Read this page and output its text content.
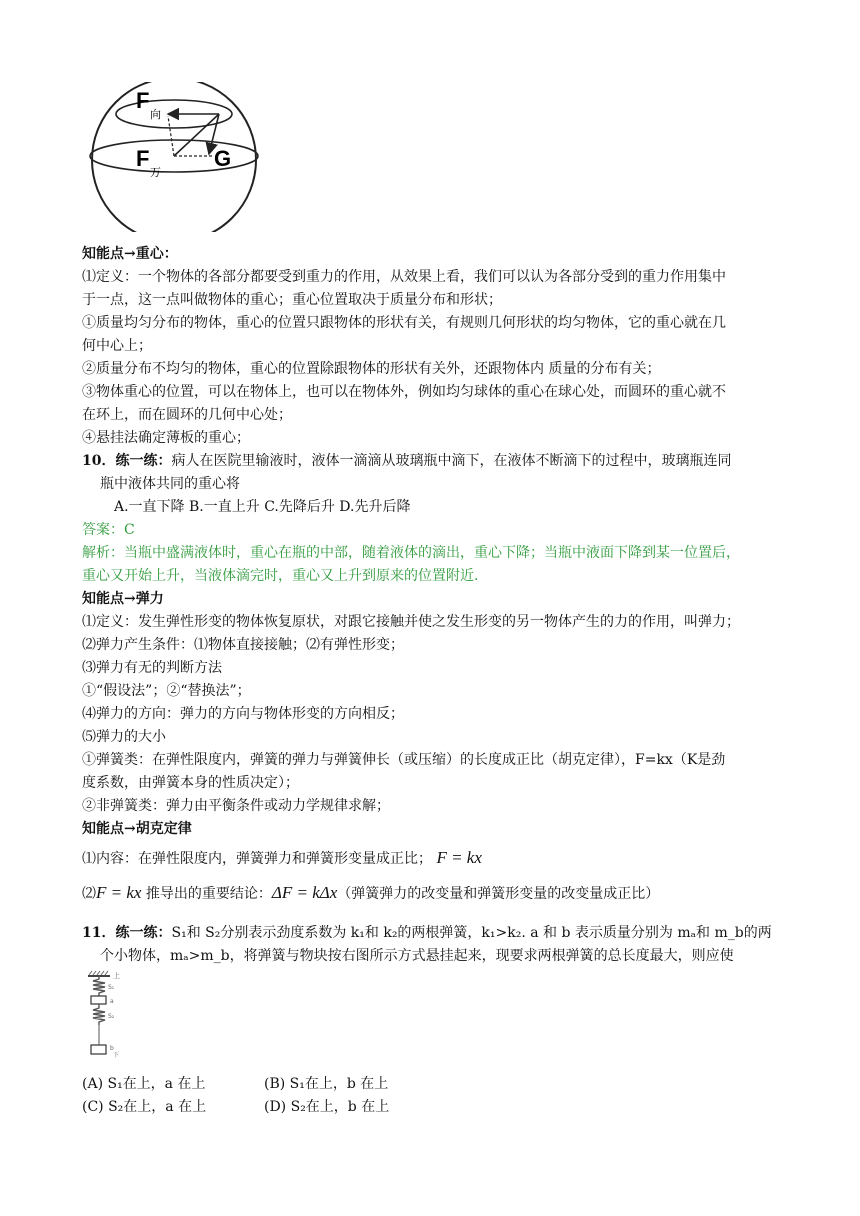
F
向
F
万
G
知能点→重心：
⑴定义：一个物体的各部分都要受到重力的作用，从效果上看，我们可以认为各部分受到的重力作用集中
于一点，这一点叫做物体的重心；重心位置取决于质量分布和形状；
①质量均匀分布的物体，重心的位置只跟物体的形状有关，有规则几何形状的均匀物体，它的重心就在几
何中心上；
②质量分布不均匀的物体，重心的位置除跟物体的形状有关外，还跟物体内 质量的分布有关；
③物体重心的位置，可以在物体上，也可以在物体外，例如均匀球体的重心在球心处，而圆环的重心就不
在环上，而在圆环的几何中心处；
④悬挂法确定薄板的重心；
10．练一练：病人在医院里输液时，液体一滴滴从玻璃瓶中滴下，在液体不断滴下的过程中，玻璃瓶连同
瓶中液体共同的重心将
A.一直下降 B.一直上升 C.先降后升 D.先升后降
答案：C
解析：当瓶中盛满液体时，重心在瓶的中部，随着液体的滴出，重心下降；当瓶中液面下降到某一位置后，
重心又开始上升，当液体滴完时，重心又上升到原来的位置附近.
知能点→弹力
⑴定义：发生弹性形变的物体恢复原状，对跟它接触并使之发生形变的另一物体产生的力的作用，叫弹力；
⑵弹力产生条件：⑴物体直接接触；⑵有弹性形变；
⑶弹力有无的判断方法
①“假设法”；②“替换法”；
⑷弹力的方向：弹力的方向与物体形变的方向相反；
⑸弹力的大小
①弹簧类：在弹性限度内，弹簧的弹力与弹簧伸长（或压缩）的长度成正比（胡克定律），F=kx（K是劲
度系数，由弹簧本身的性质决定）；
②非弹簧类：弹力由平衡条件或动力学规律求解；
知能点→胡克定律
⑴内容：在弹性限度内，弹簧弹力和弹簧形变量成正比； F = kx
⑵F = kx 推导出的重要结论：ΔF = kΔx（弹簧弹力的改变量和弹簧形变量的改变量成正比）
11．练一练：S₁和 S₂分别表示劲度系数为 k₁和 k₂的两根弹簧，k₁>k₂. a 和 b 表示质量分别为 mₐ和 m_b的两
个小物体，mₐ>m_b，将弹簧与物块按右图所示方式悬挂起来，现要求两根弹簧的总长度最大，则应使
上
S₁
a
S₂
b
下
(A) S₁在上，a 在上	(B) S₁在上，b 在上
(C) S₂在上，a 在上	(D) S₂在上，b 在上
